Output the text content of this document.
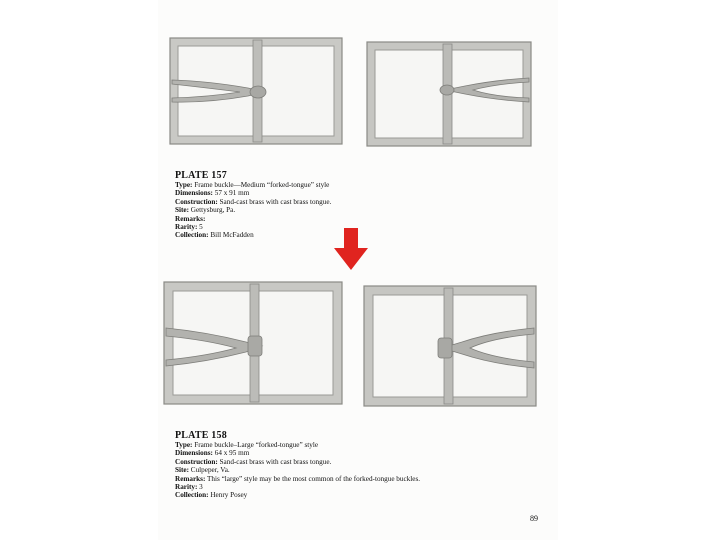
PLATE 157
Type: Frame buckle—Medium “forked-tongue” style
Dimensions: 57 x 91 mm
Construction: Sand-cast brass with cast brass tongue.
Site: Gettysburg, Pa.
Remarks:
Rarity: 5
Collection: Bill McFadden
PLATE 158
Type: Frame buckle–Large “forked-tongue” style
Dimensions: 64 x 95 mm
Construction: Sand-cast brass with cast brass tongue.
Site: Culpeper, Va.
Remarks: This “large” style may be the most common of the forked-tongue buckles.
Rarity: 3
Collection: Henry Posey
89
